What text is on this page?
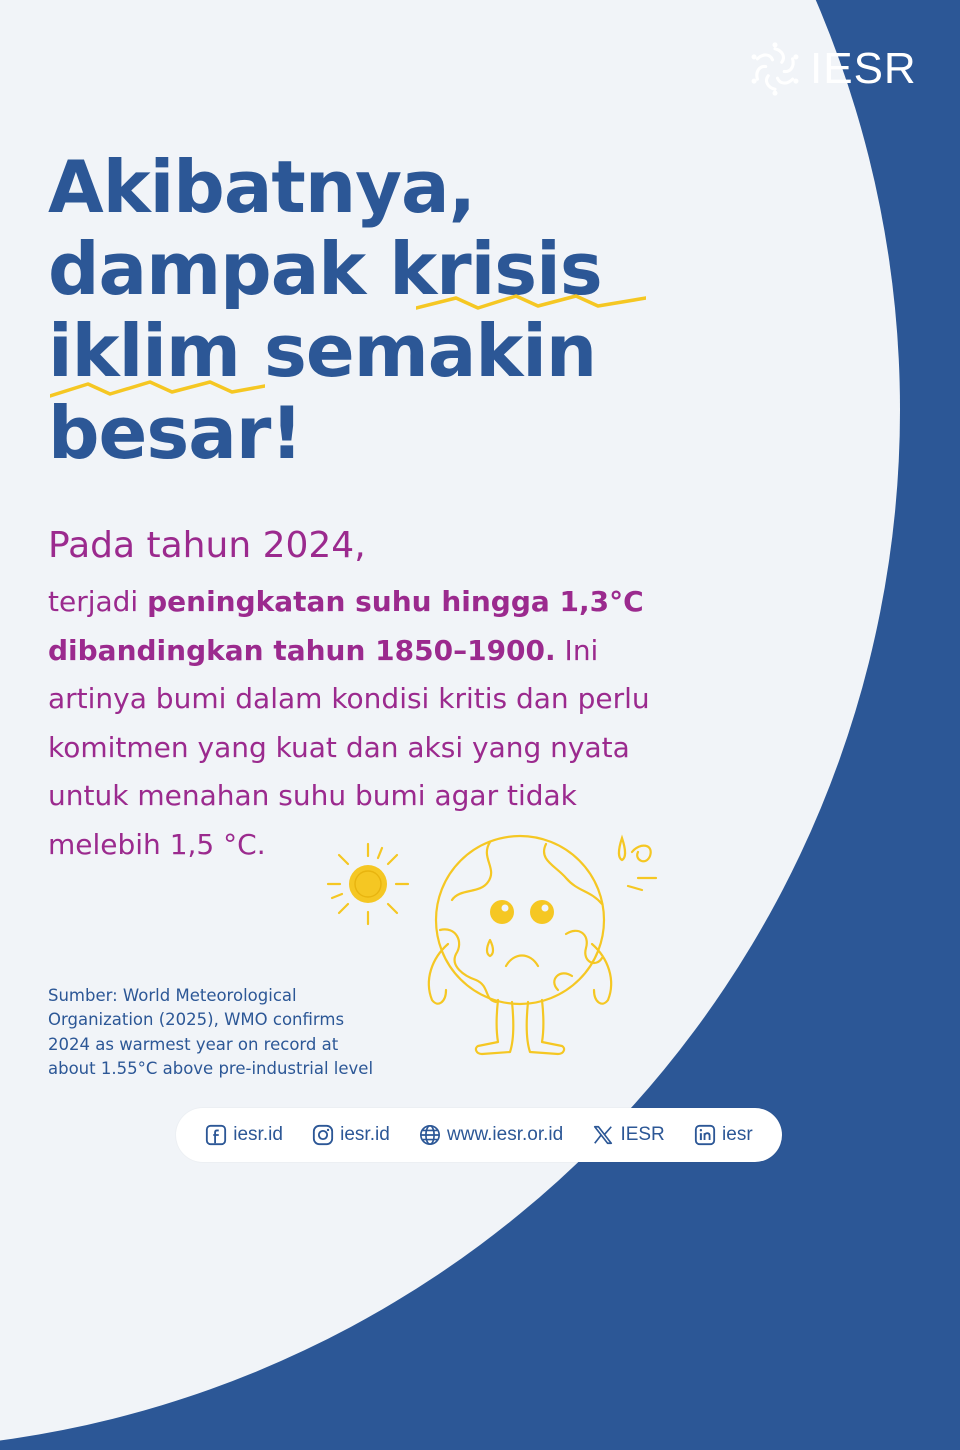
IESR
Akibatnya,
dampak krisis
iklim semakin
besar!
Pada tahun 2024,
terjadi peningkatan suhu hingga 1,3°C
dibandingkan tahun 1850–1900. Ini
artinya bumi dalam kondisi kritis dan perlu
komitmen yang kuat dan aksi yang nyata
untuk menahan suhu bumi agar tidak
melebih 1,5 °C.
Sumber: World Meteorological
Organization (2025), WMO confirms
2024 as warmest year on record at
about 1.55°C above pre-industrial level
iesr.id	iesr.id	www.iesr.or.id	IESR	iesr
